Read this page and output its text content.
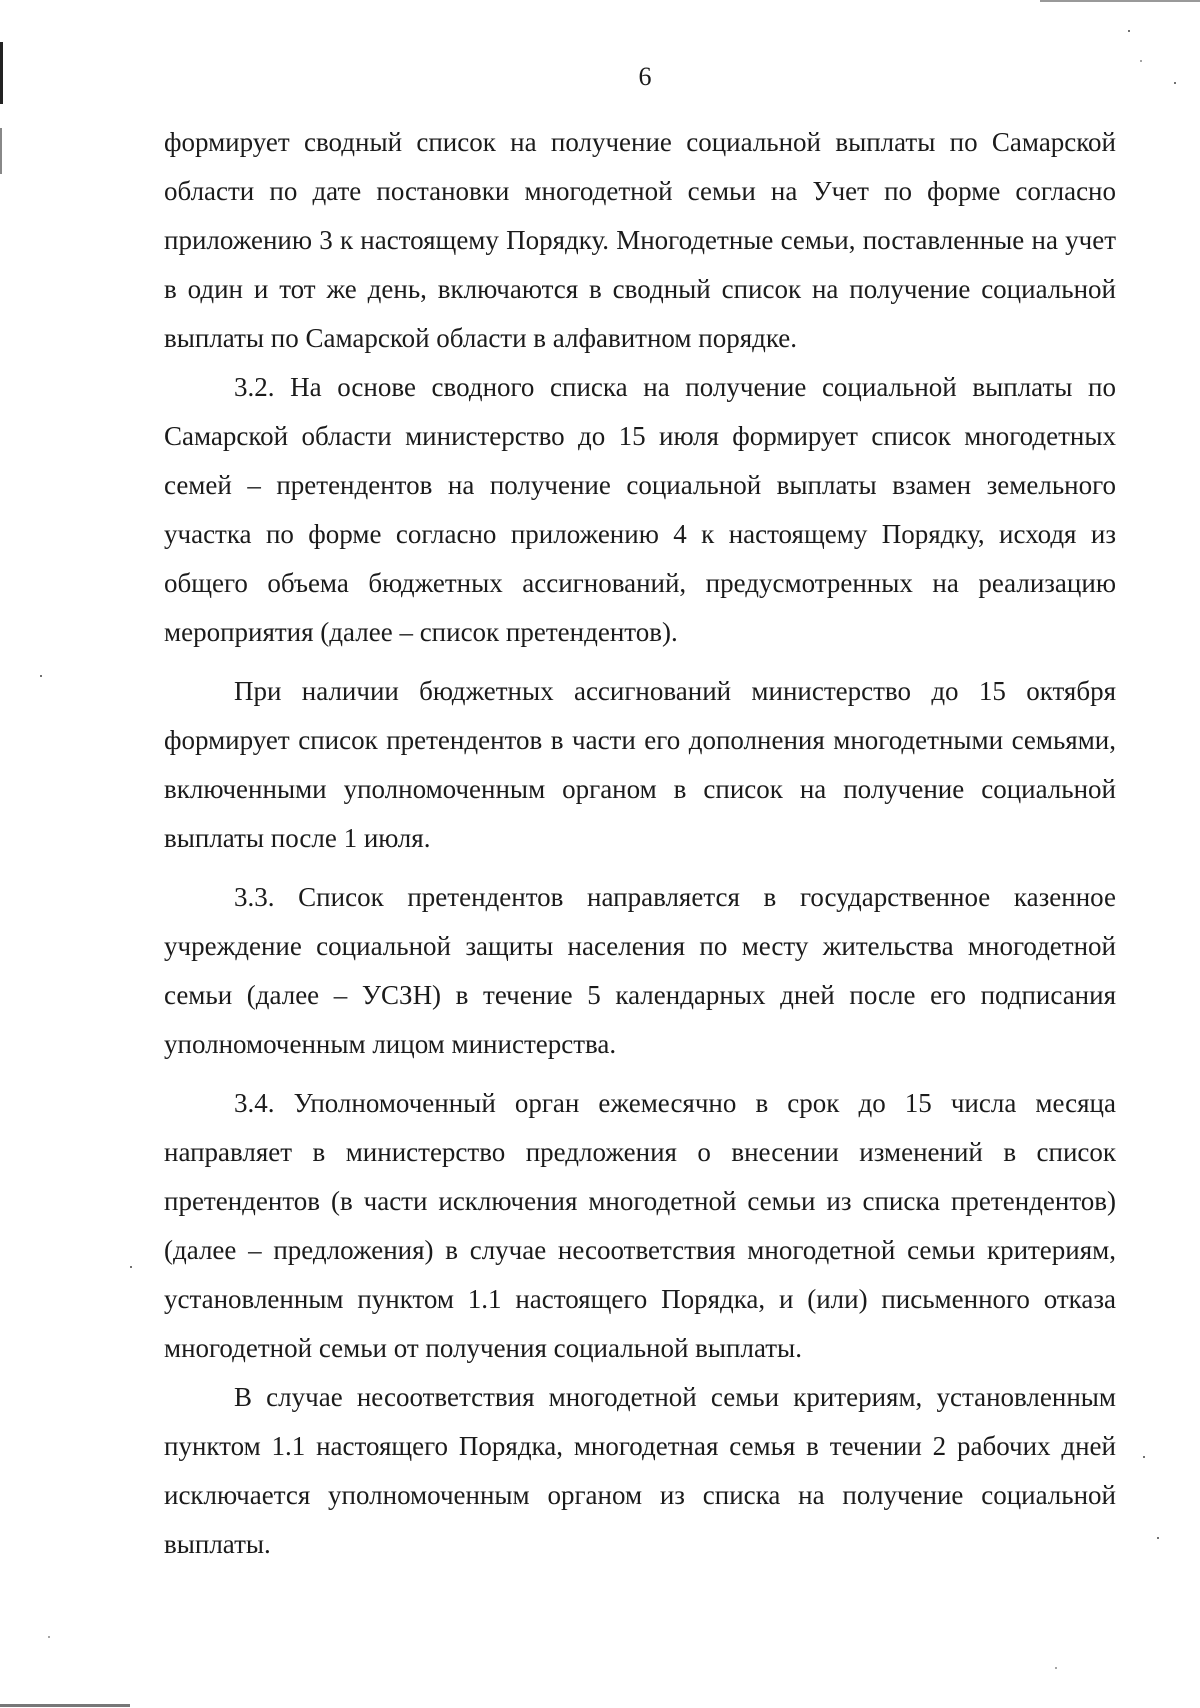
6

формирует сводный список на получение социальной выплаты по Самарской области по дате постановки многодетной семьи на Учет по форме согласно приложению 3 к настоящему Порядку. Многодетные семьи, поставленные на учет в один и тот же день, включаются в сводный список на получение социальной выплаты по Самарской области в алфавитном порядке.

3.2. На основе сводного списка на получение социальной выплаты по Самарской области министерство до 15 июля формирует список многодетных семей – претендентов на получение социальной выплаты взамен земельного участка по форме согласно приложению 4 к настоящему Порядку, исходя из общего объема бюджетных ассигнований, предусмотренных на реализацию мероприятия (далее – список претендентов).

При наличии бюджетных ассигнований министерство до 15 октября формирует список претендентов в части его дополнения многодетными семьями, включенными уполномоченным органом в список на получение социальной выплаты после 1 июля.

3.3. Список претендентов направляется в государственное казенное учреждение социальной защиты населения по месту жительства многодетной семьи (далее – УСЗН) в течение 5 календарных дней после его подписания уполномоченным лицом министерства.

3.4. Уполномоченный орган ежемесячно в срок до 15 числа месяца направляет в министерство предложения о внесении изменений в список претендентов (в части исключения многодетной семьи из списка претендентов) (далее – предложения) в случае несоответствия многодетной семьи критериям, установленным пунктом 1.1 настоящего Порядка, и (или) письменного отказа многодетной семьи от получения социальной выплаты.

В случае несоответствия многодетной семьи критериям, установленным пунктом 1.1 настоящего Порядка, многодетная семья в течении 2 рабочих дней исключается уполномоченным органом из списка на получение социальной выплаты.
